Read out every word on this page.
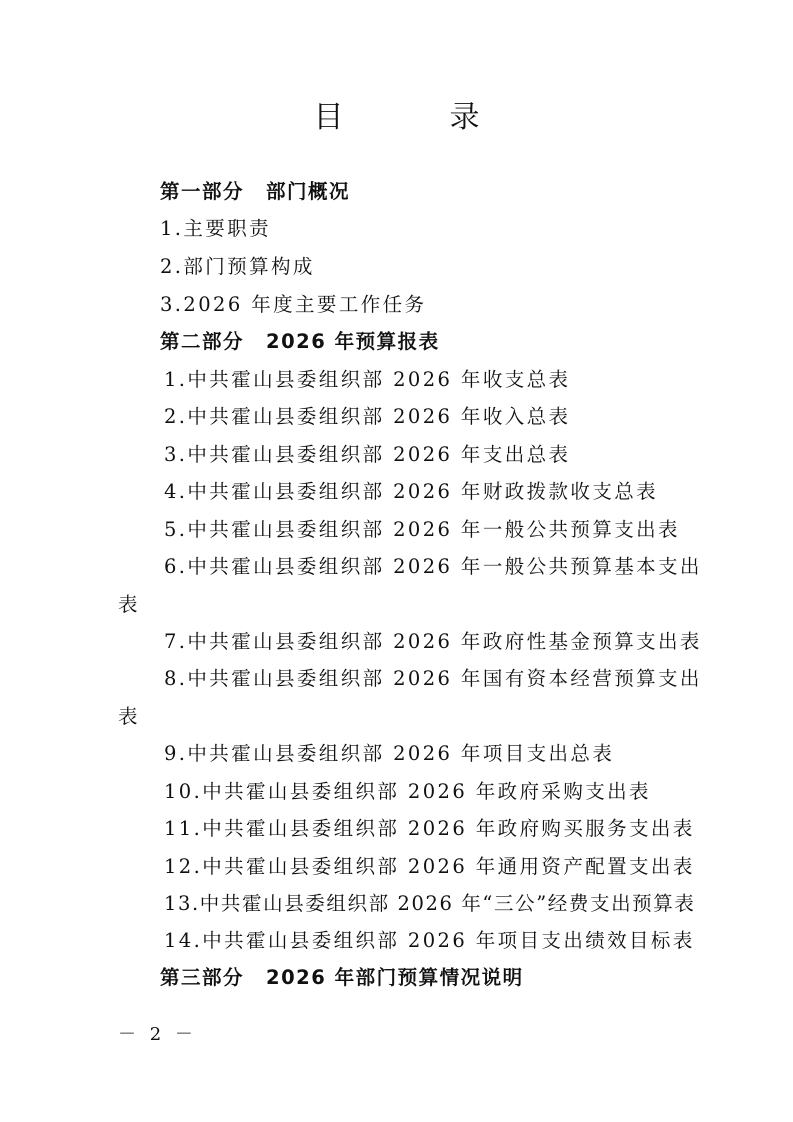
目　录
第一部分 部门概况
1.主要职责
2.部门预算构成
3.2026 年度主要工作任务
第二部分 2026 年预算报表
1.中共霍山县委组织部 2026 年收支总表
2.中共霍山县委组织部 2026 年收入总表
3.中共霍山县委组织部 2026 年支出总表
4.中共霍山县委组织部 2026 年财政拨款收支总表
5.中共霍山县委组织部 2026 年一般公共预算支出表
6.中共霍山县委组织部 2026 年一般公共预算基本支出
表
7.中共霍山县委组织部 2026 年政府性基金预算支出表
8.中共霍山县委组织部 2026 年国有资本经营预算支出
表
9.中共霍山县委组织部 2026 年项目支出总表
10.中共霍山县委组织部 2026 年政府采购支出表
11.中共霍山县委组织部 2026 年政府购买服务支出表
12.中共霍山县委组织部 2026 年通用资产配置支出表
13.中共霍山县委组织部 2026 年“三公”经费支出预算表
14.中共霍山县委组织部 2026 年项目支出绩效目标表
第三部分 2026 年部门预算情况说明
－ 2 －
